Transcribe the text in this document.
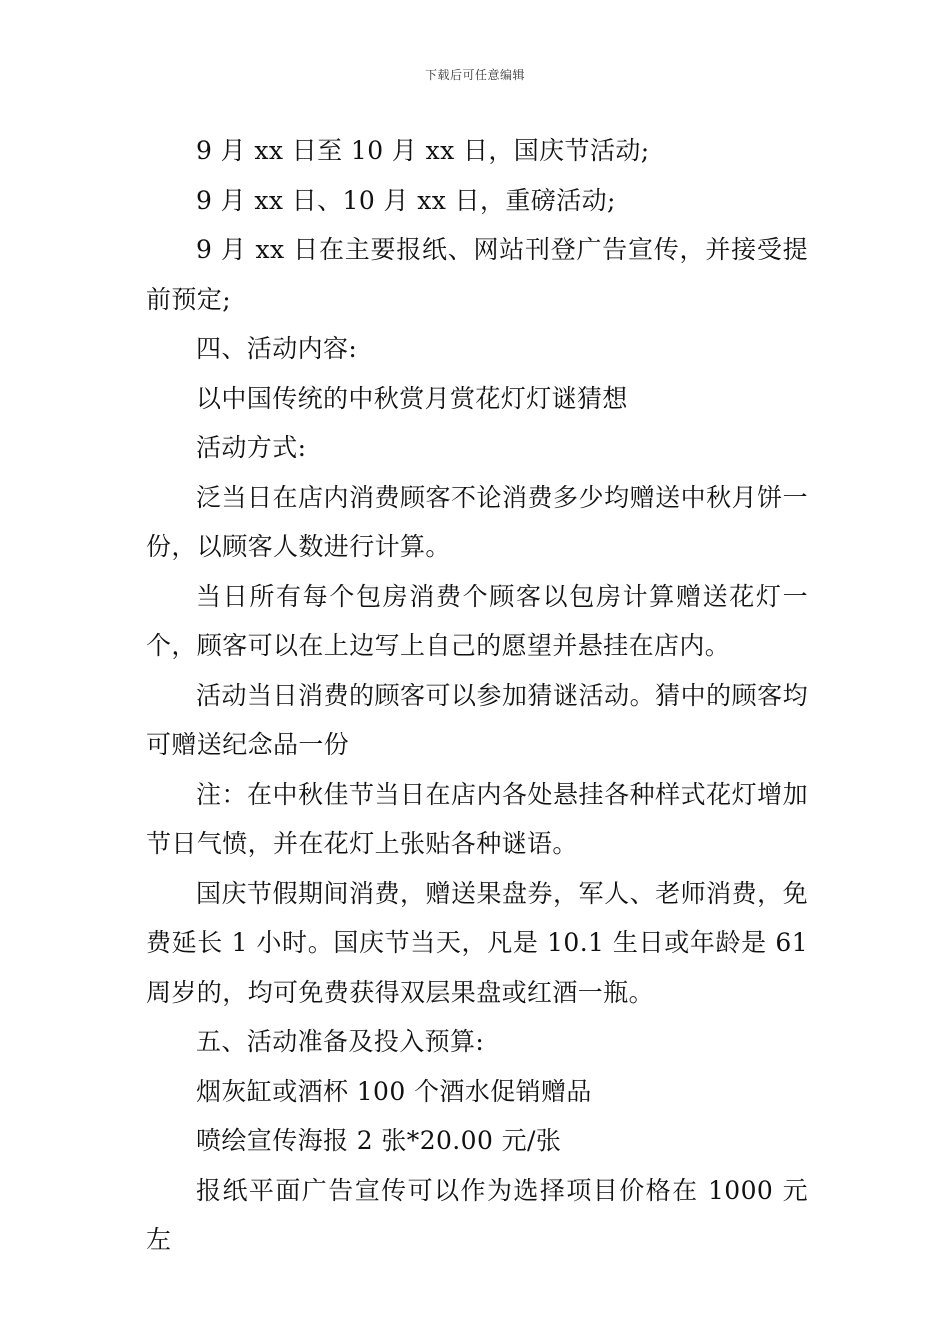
下载后可任意编辑

9 月 xx 日至 10 月 xx 日，国庆节活动;

9 月 xx 日、10 月 xx 日，重磅活动;

9 月 xx 日在主要报纸、网站刊登广告宣传，并接受提前预定;

四、活动内容:

以中国传统的中秋赏月赏花灯灯谜猜想

活动方式:

泛当日在店内消费顾客不论消费多少均赠送中秋月饼一份，以顾客人数进行计算。

当日所有每个包房消费个顾客以包房计算赠送花灯一个，顾客可以在上边写上自己的愿望并悬挂在店内。

活动当日消费的顾客可以参加猜谜活动。猜中的顾客均可赠送纪念品一份

注：在中秋佳节当日在店内各处悬挂各种样式花灯增加节日气愤，并在花灯上张贴各种谜语。

国庆节假期间消费，赠送果盘券，军人、老师消费，免费延长 1 小时。国庆节当天，凡是 10.1 生日或年龄是 61 周岁的，均可免费获得双层果盘或红酒一瓶。

五、活动准备及投入预算:

烟灰缸或酒杯 100 个酒水促销赠品

喷绘宣传海报 2 张*20.00 元/张

报纸平面广告宣传可以作为选择项目价格在 1000 元左
